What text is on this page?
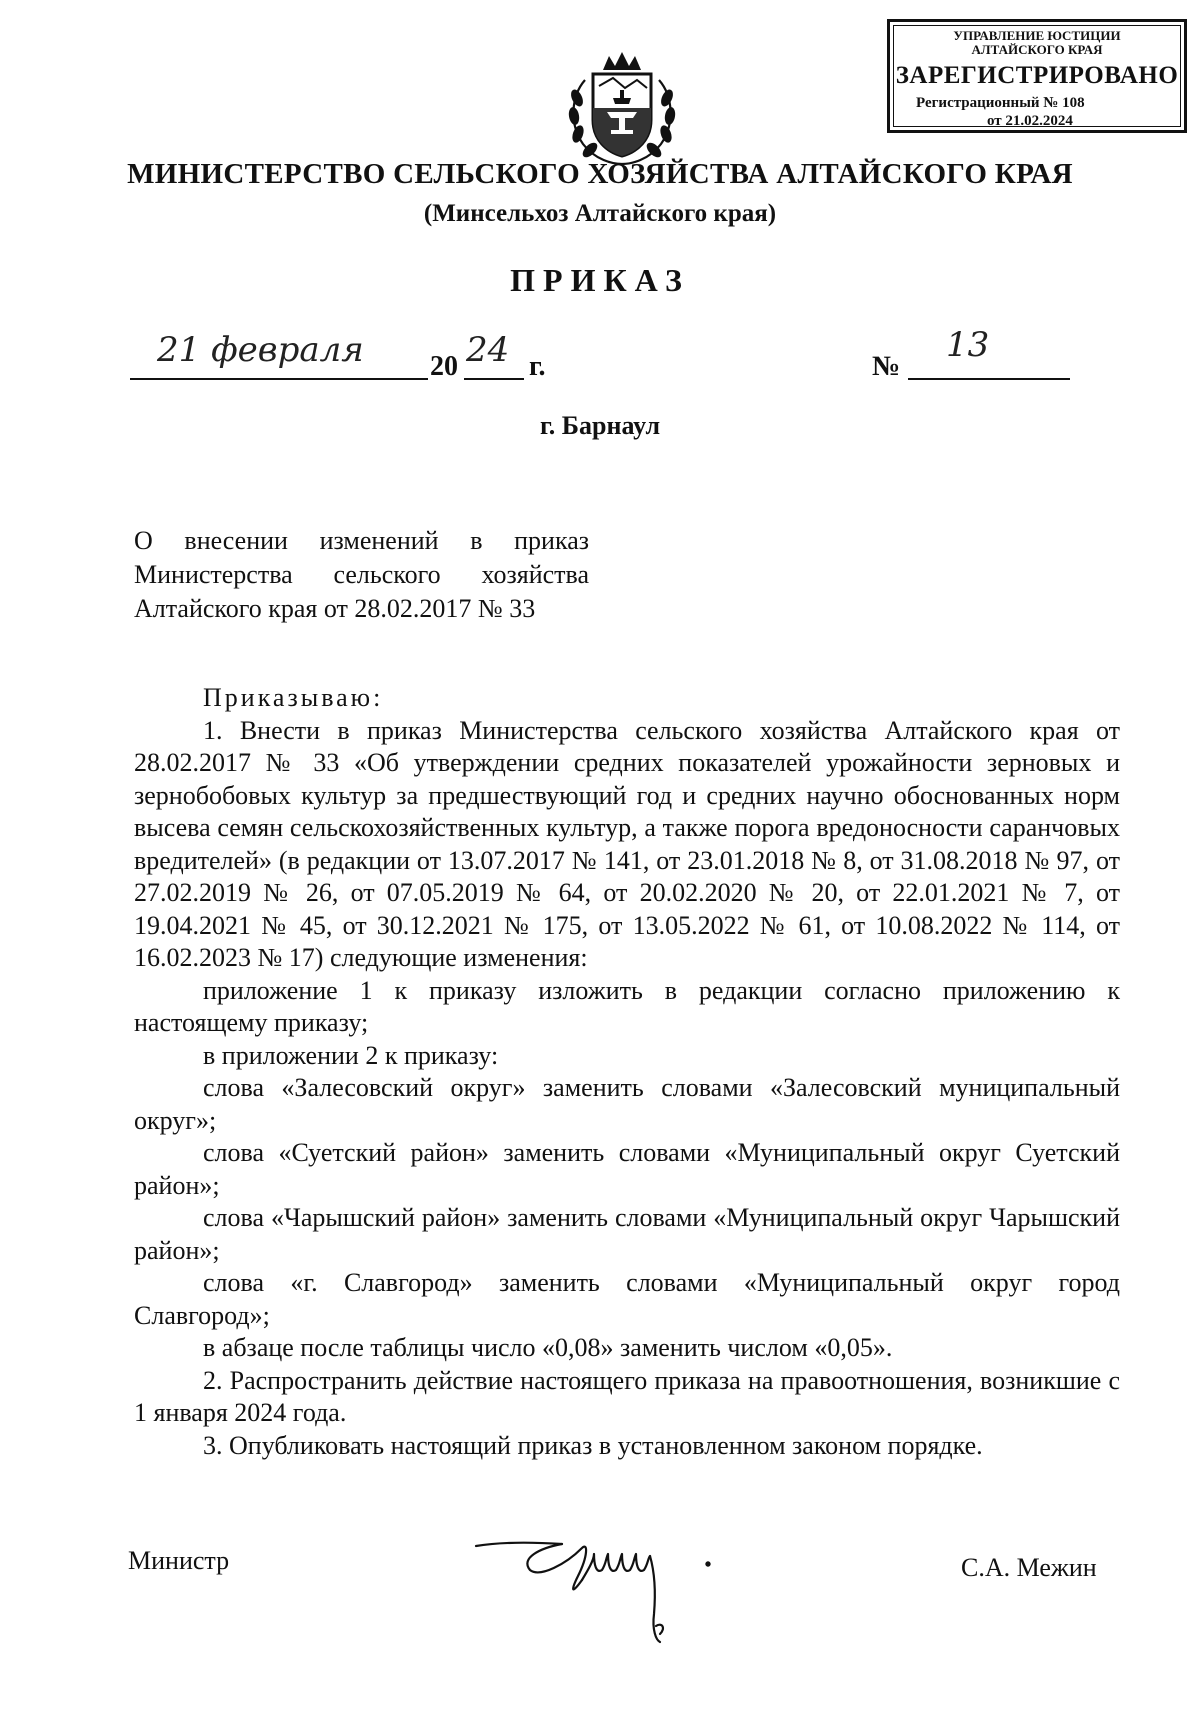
УПРАВЛЕНИЕ ЮСТИЦИИ
АЛТАЙСКОГО КРАЯ
ЗАРЕГИСТРИРОВАНО
Регистрационный № 108
от 21.02.2024
МИНИСТЕРСТВО СЕЛЬСКОГО ХОЗЯЙСТВА АЛТАЙСКОГО КРАЯ
(Минсельхоз Алтайского края)
ПРИКАЗ
21 февраля 20 24 г.	№
13
г. Барнаул
О внесении изменений в приказ Министерства сельского хозяйства Алтайского края от 28.02.2017 № 33

Приказываю:

1. Внести в приказ Министерства сельского хозяйства Алтайского края от 28.02.2017 № 33 «Об утверждении средних показателей урожайности зерновых и зернобобовых культур за предшествующий год и средних научно обоснованных норм высева семян сельскохозяйственных культур, а также порога вредоносности саранчовых вредителей» (в редакции от 13.07.2017 № 141, от 23.01.2018 № 8, от 31.08.2018 № 97, от 27.02.2019 № 26, от 07.05.2019 № 64, от 20.02.2020 № 20, от 22.01.2021 № 7, от 19.04.2021 № 45, от 30.12.2021 № 175, от 13.05.2022 № 61, от 10.08.2022 № 114, от 16.02.2023 № 17) следующие изменения:

приложение 1 к приказу изложить в редакции согласно приложению к настоящему приказу;

в приложении 2 к приказу:

слова «Залесовский округ» заменить словами «Залесовский муниципальный округ»;

слова «Суетский район» заменить словами «Муниципальный округ Суетский район»;

слова «Чарышский район» заменить словами «Муниципальный округ Чарышский район»;

слова «г. Славгород» заменить словами «Муниципальный округ город Славгород»;

в абзаце после таблицы число «0,08» заменить числом «0,05».

2. Распространить действие настоящего приказа на правоотношения, возникшие с 1 января 2024 года.

3. Опубликовать настоящий приказ в установленном законом порядке.

Министр	С.А. Межин
